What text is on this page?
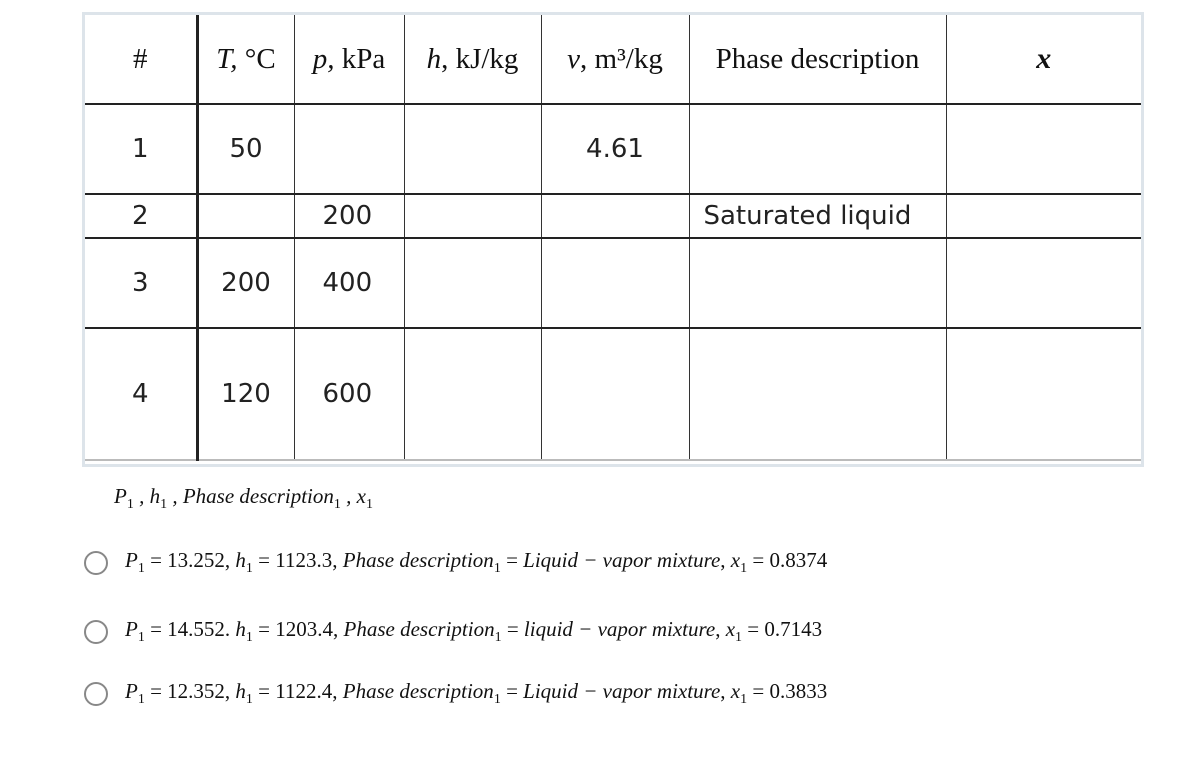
#	T, °C	p, kPa	h, kJ/kg	v, m³/kg	Phase description	x
1	50			4.61		
2		200			Saturated liquid	
3	200	400				
4	120	600				
$P_1$ , $h_1$ , Phase description$_1$ , $x_1$
$P_1 = 13.252$, $h_1 = 1123.3$, Phase description$_1$ = Liquid − vapor mixture, $x_1 = 0.8374$
$P_1 = 14.552$. $h_1 = 1203.4$, Phase description$_1$ = liquid − vapor mixture, $x_1 = 0.7143$
$P_1 = 12.352$, $h_1 = 1122.4$, Phase description$_1$ = Liquid − vapor mixture, $x_1 = 0.3833$
